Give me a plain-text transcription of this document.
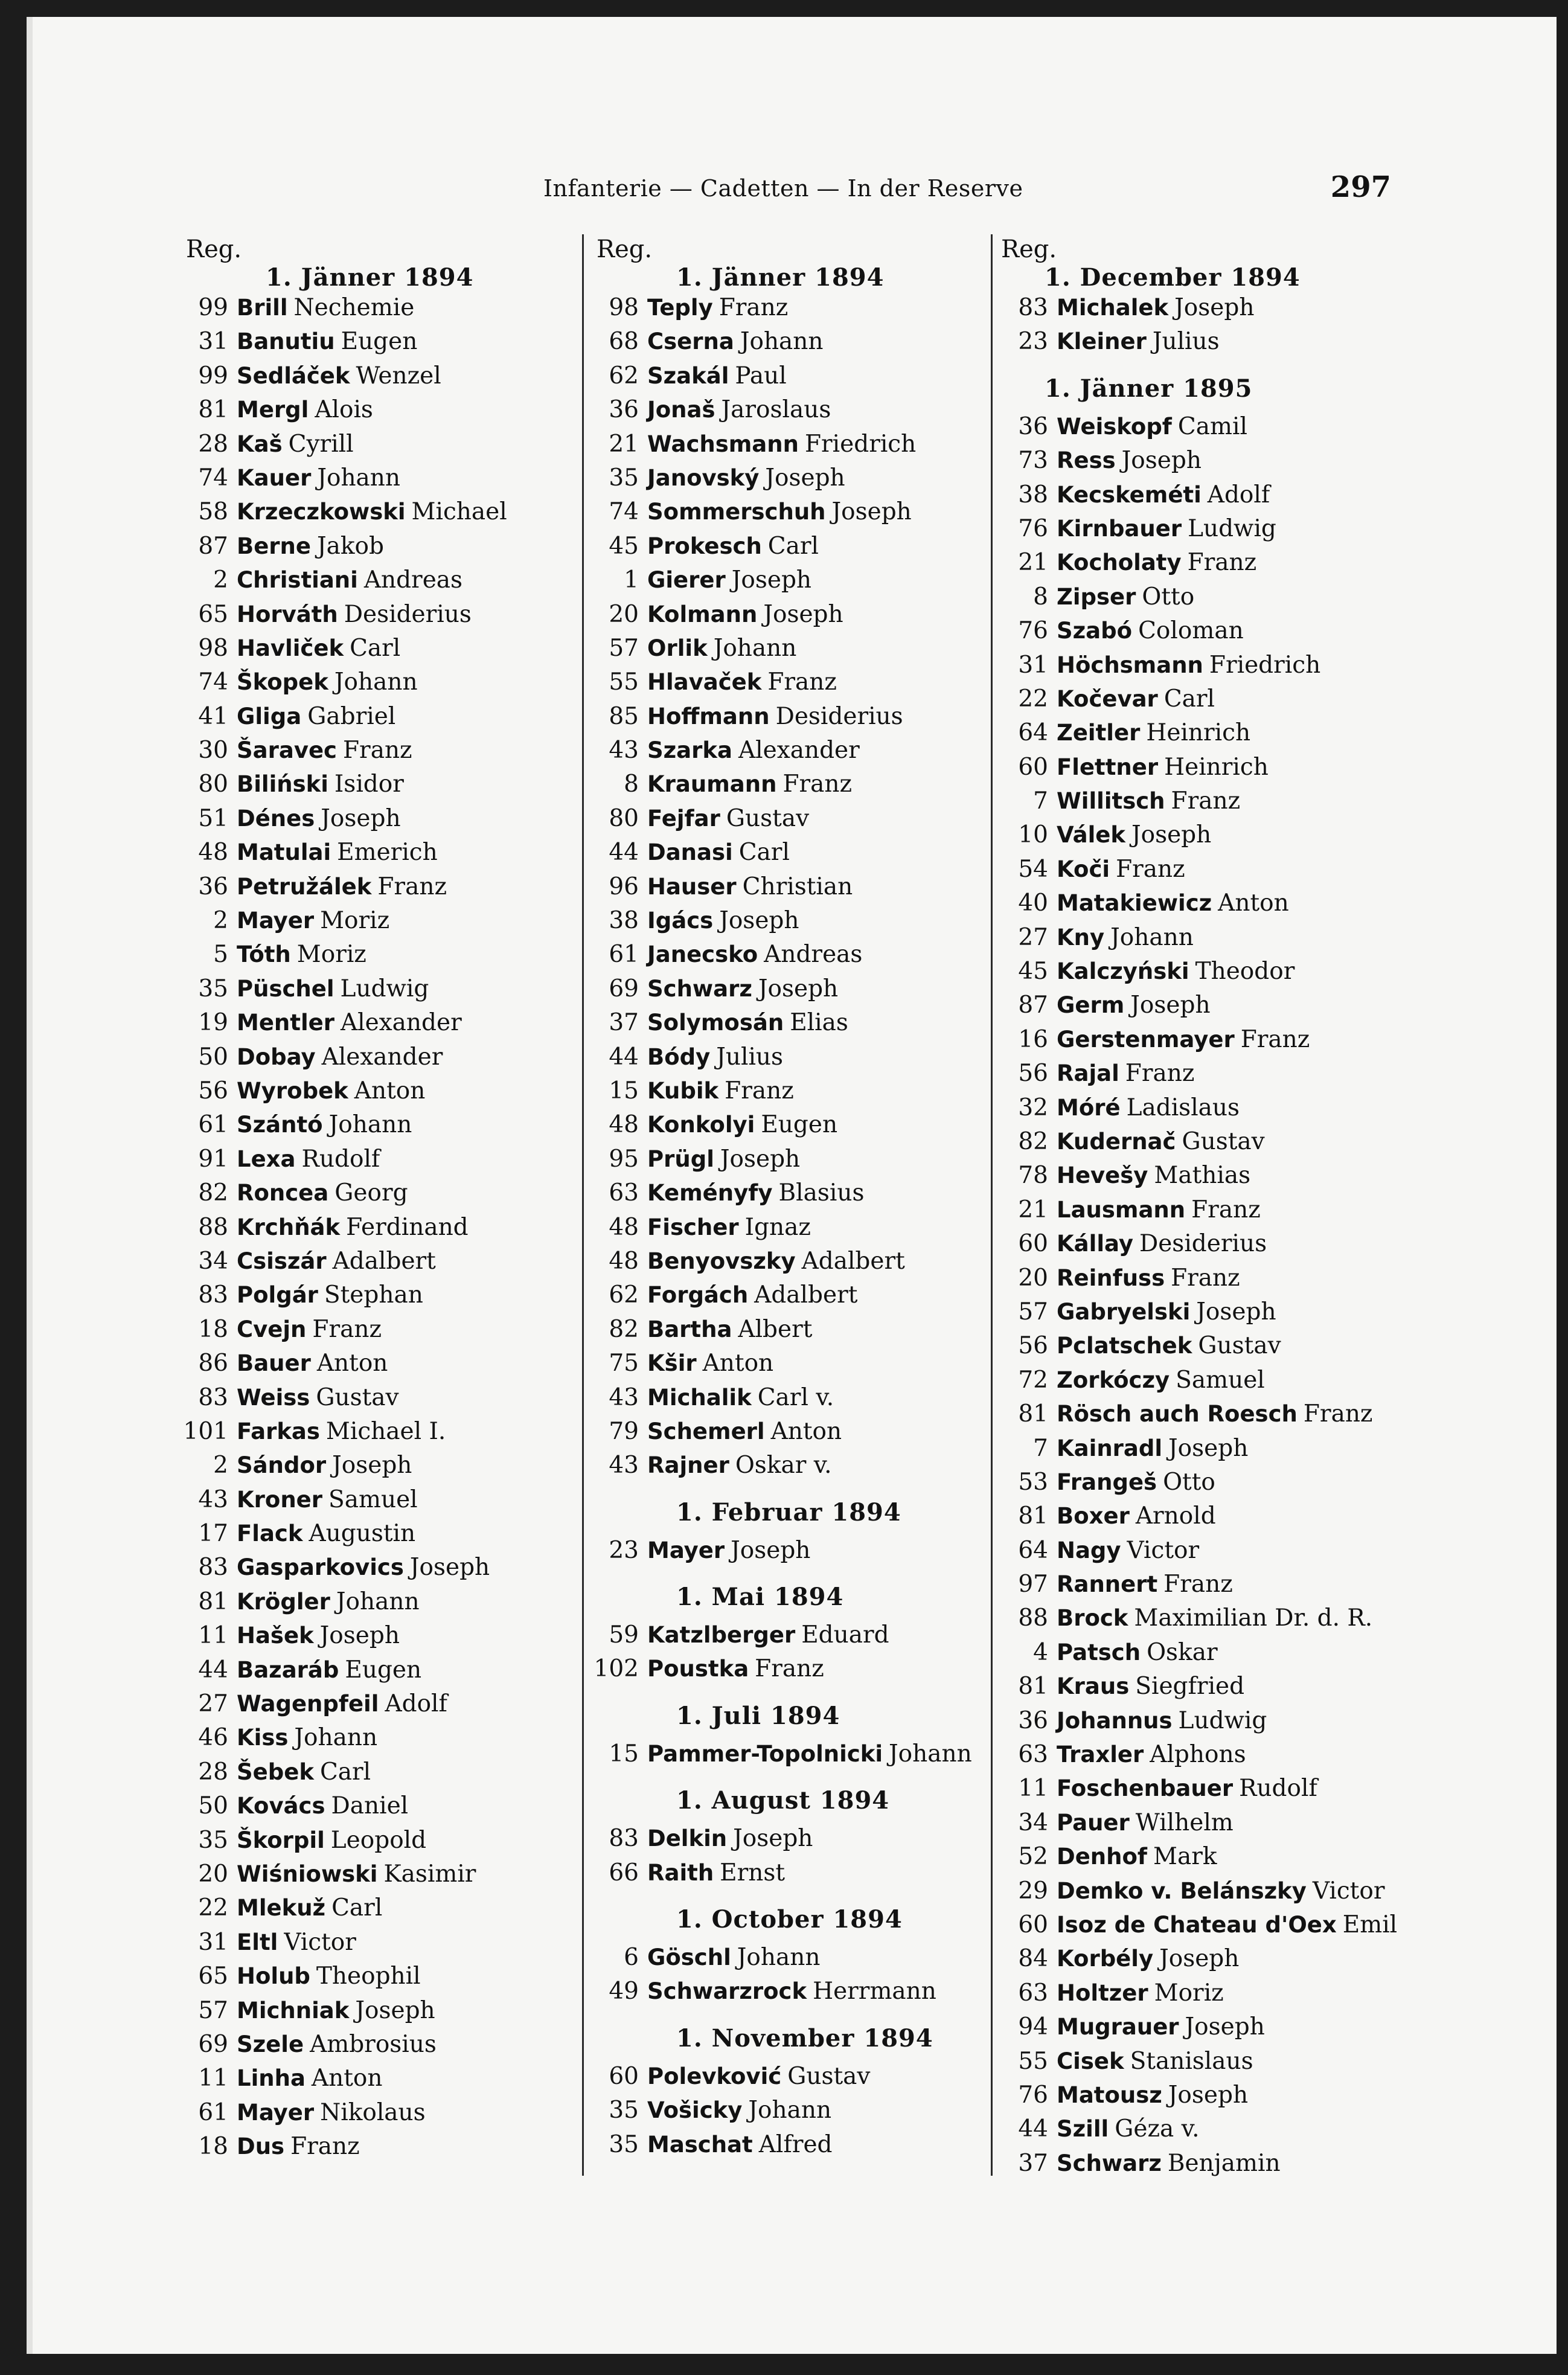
Infanterie — Cadetten — In der Reserve	297
Reg.
1. Jänner 1894
99 Brill Nechemie
31 Banutiu Eugen
99 Sedláček Wenzel
81 Mergl Alois
28 Kaš Cyrill
74 Kauer Johann
58 Krzeczkowski Michael
87 Berne Jakob
2 Christiani Andreas
65 Horváth Desiderius
98 Havliček Carl
74 Škopek Johann
41 Gliga Gabriel
30 Šaravec Franz
80 Biliński Isidor
51 Dénes Joseph
48 Matulai Emerich
36 Petružálek Franz
2 Mayer Moriz
5 Tóth Moriz
35 Püschel Ludwig
19 Mentler Alexander
50 Dobay Alexander
56 Wyrobek Anton
61 Szántó Johann
91 Lexa Rudolf
82 Roncea Georg
88 Krchňák Ferdinand
34 Csiszár Adalbert
83 Polgár Stephan
18 Cvejn Franz
86 Bauer Anton
83 Weiss Gustav
101 Farkas Michael I.
2 Sándor Joseph
43 Kroner Samuel
17 Flack Augustin
83 Gasparkovics Joseph
81 Krögler Johann
11 Hašek Joseph
44 Bazaráb Eugen
27 Wagenpfeil Adolf
46 Kiss Johann
28 Šebek Carl
50 Kovács Daniel
35 Škorpil Leopold
20 Wiśniowski Kasimir
22 Mlekuž Carl
31 Eltl Victor
65 Holub Theophil
57 Michniak Joseph
69 Szele Ambrosius
11 Linha Anton
61 Mayer Nikolaus
18 Dus Franz
Reg.
1. Jänner 1894
98 Teply Franz
68 Cserna Johann
62 Szakál Paul
36 Jonaš Jaroslaus
21 Wachsmann Friedrich
35 Janovský Joseph
74 Sommerschuh Joseph
45 Prokesch Carl
1 Gierer Joseph
20 Kolmann Joseph
57 Orlik Johann
55 Hlavaček Franz
85 Hoffmann Desiderius
43 Szarka Alexander
8 Kraumann Franz
80 Fejfar Gustav
44 Danasi Carl
96 Hauser Christian
38 Igács Joseph
61 Janecsko Andreas
69 Schwarz Joseph
37 Solymosán Elias
44 Bódy Julius
15 Kubik Franz
48 Konkolyi Eugen
95 Prügl Joseph
63 Keményfy Blasius
48 Fischer Ignaz
48 Benyovszky Adalbert
62 Forgách Adalbert
82 Bartha Albert
75 Kšir Anton
43 Michalik Carl v.
79 Schemerl Anton
43 Rajner Oskar v.
1. Februar 1894
23 Mayer Joseph
1. Mai 1894
59 Katzlberger Eduard
102 Poustka Franz
1. Juli 1894
15 Pammer-Topolnicki Johann
1. August 1894
83 Delkin Joseph
66 Raith Ernst
1. October 1894
6 Göschl Johann
49 Schwarzrock Herrmann
1. November 1894
60 Polevković Gustav
35 Vošicky Johann
35 Maschat Alfred
Reg.
1. December 1894
83 Michalek Joseph
23 Kleiner Julius
1. Jänner 1895
36 Weiskopf Camil
73 Ress Joseph
38 Kecskeméti Adolf
76 Kirnbauer Ludwig
21 Kocholaty Franz
8 Zipser Otto
76 Szabó Coloman
31 Höchsmann Friedrich
22 Kočevar Carl
64 Zeitler Heinrich
60 Flettner Heinrich
7 Willitsch Franz
10 Válek Joseph
54 Koči Franz
40 Matakiewicz Anton
27 Kny Johann
45 Kalczyński Theodor
87 Germ Joseph
16 Gerstenmayer Franz
56 Rajal Franz
32 Móré Ladislaus
82 Kudernač Gustav
78 Hevešy Mathias
21 Lausmann Franz
60 Kállay Desiderius
20 Reinfuss Franz
57 Gabryelski Joseph
56 Pclatschek Gustav
72 Zorkóczy Samuel
81 Rösch auch Roesch Franz
7 Kainradl Joseph
53 Frangeš Otto
81 Boxer Arnold
64 Nagy Victor
97 Rannert Franz
88 Brock Maximilian Dr. d. R.
4 Patsch Oskar
81 Kraus Siegfried
36 Johannus Ludwig
63 Traxler Alphons
11 Foschenbauer Rudolf
34 Pauer Wilhelm
52 Denhof Mark
29 Demko v. Belánszky Victor
60 Isoz de Chateau d'Oex Emil
84 Korbély Joseph
63 Holtzer Moriz
94 Mugrauer Joseph
55 Cisek Stanislaus
76 Matousz Joseph
44 Szill Géza v.
37 Schwarz Benjamin
